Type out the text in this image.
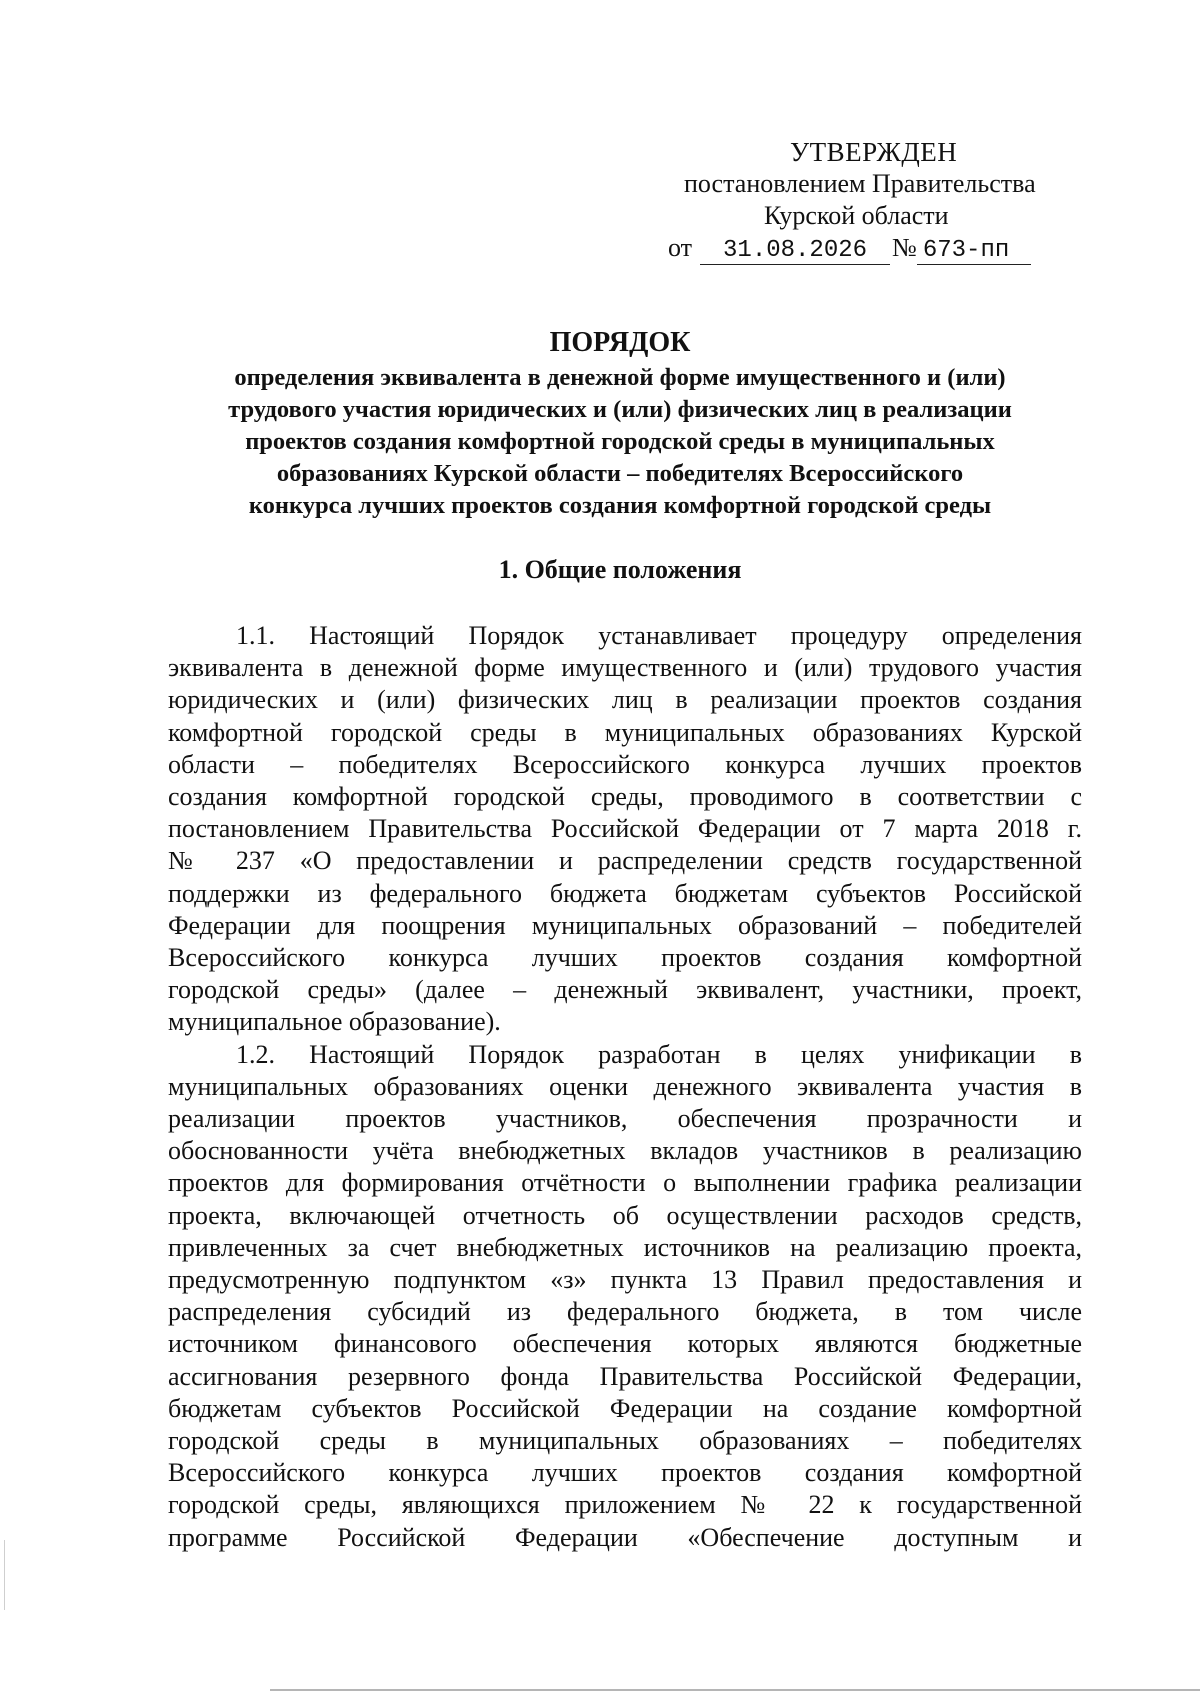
УТВЕРЖДЕН
постановлением Правительства
Курской области
от 31.08.2026 № 673-пп
ПОРЯДОК
определения эквивалента в денежной форме имущественного и (или)
трудового участия юридических и (или) физических лиц в реализации
проектов создания комфортной городской среды в муниципальных
образованиях Курской области – победителях Всероссийского
конкурса лучших проектов создания комфортной городской среды
1. Общие положения
1.1. Настоящий Порядок устанавливает процедуру определения
эквивалента в денежной форме имущественного и (или) трудового участия
юридических и (или) физических лиц в реализации проектов создания
комфортной городской среды в муниципальных образованиях Курской
области – победителях Всероссийского конкурса лучших проектов
создания комфортной городской среды, проводимого в соответствии с
постановлением Правительства Российской Федерации от 7 марта 2018 г.
№ 237 «О предоставлении и распределении средств государственной
поддержки из федерального бюджета бюджетам субъектов Российской
Федерации для поощрения муниципальных образований – победителей
Всероссийского конкурса лучших проектов создания комфортной
городской среды» (далее – денежный эквивалент, участники, проект,
муниципальное образование).
1.2. Настоящий Порядок разработан в целях унификации в
муниципальных образованиях оценки денежного эквивалента участия в
реализации проектов участников, обеспечения прозрачности и
обоснованности учёта внебюджетных вкладов участников в реализацию
проектов для формирования отчётности о выполнении графика реализации
проекта, включающей отчетность об осуществлении расходов средств,
привлеченных за счет внебюджетных источников на реализацию проекта,
предусмотренную подпунктом «з» пункта 13 Правил предоставления и
распределения субсидий из федерального бюджета, в том числе
источником финансового обеспечения которых являются бюджетные
ассигнования резервного фонда Правительства Российской Федерации,
бюджетам субъектов Российской Федерации на создание комфортной
городской среды в муниципальных образованиях – победителях
Всероссийского конкурса лучших проектов создания комфортной
городской среды, являющихся приложением № 22 к государственной
программе Российской Федерации «Обеспечение доступным и
